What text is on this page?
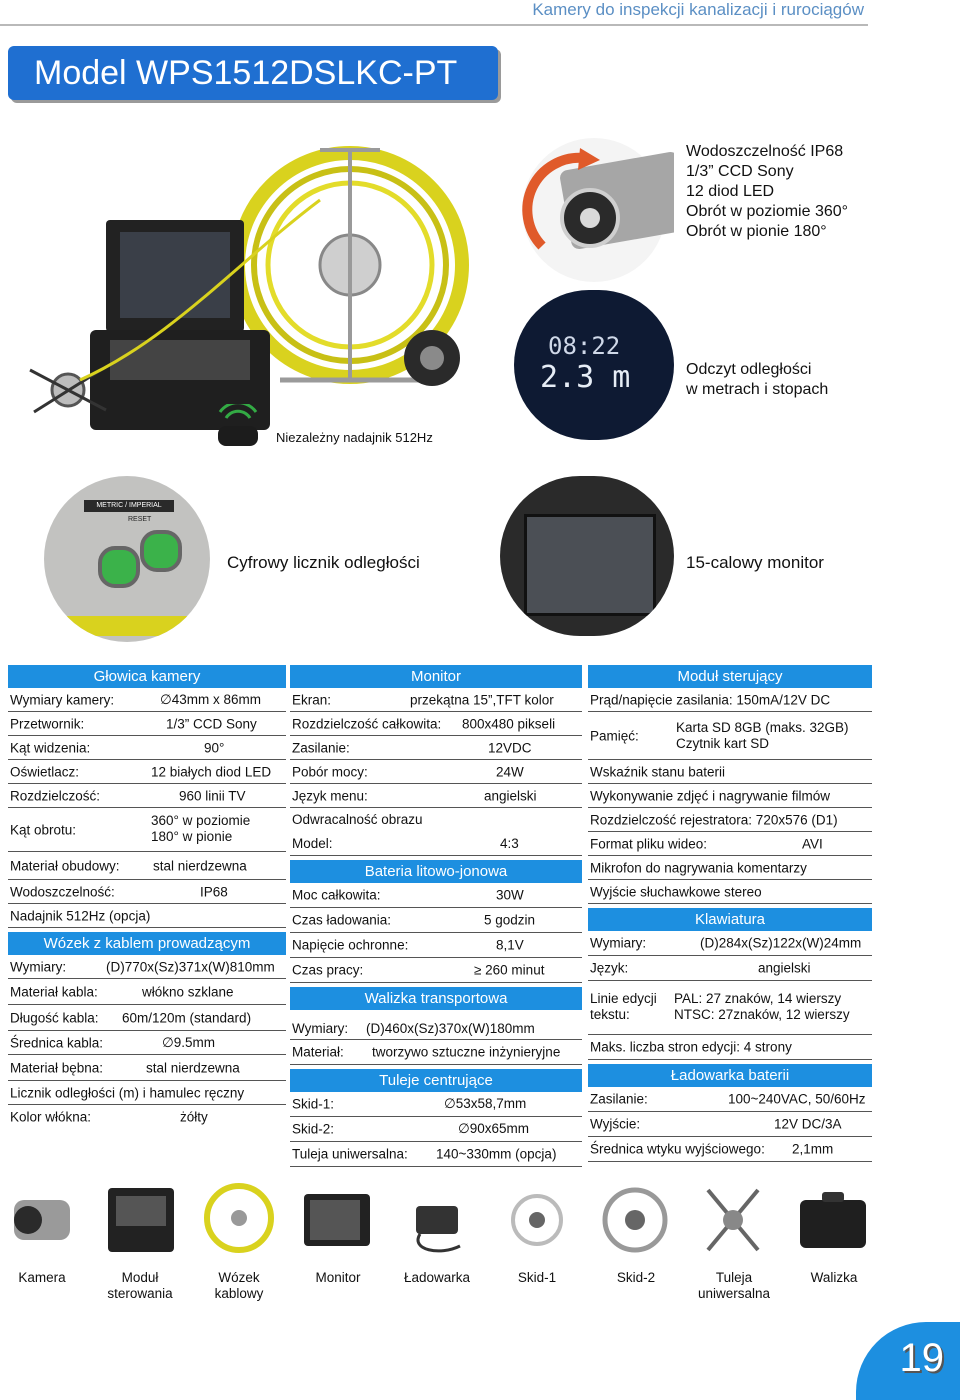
Kamery do inspekcji kanalizacji i rurociągów
Model WPS1512DSLKC-PT
Wodoszczelność IP68
1/3” CCD Sony
12 diod LED
Obrót w poziomie 360°
Obrót w pionie 180°
08:22
2.3 m	Odczyt odległości
w metrach i stopach
Niezależny nadajnik 512Hz
METRIC / IMPERIAL
RESET
Cyfrowy licznik odległości	15-calowy monitor
Głowica kamery
Wymiary kamery:	∅43mm x 86mm
Przetwornik:	1/3” CCD Sony
Kąt widzenia:	90°
Oświetlacz:	12 białych diod LED
Rozdzielczość:	960 linii TV
Kąt obrotu:
360° w poziomie
180° w pionie
Materiał obudowy: stal nierdzewna
Wodoszczelność:	IP68
Nadajnik 512Hz (opcja)
Wózek z kablem prowadzącym
Wymiary:	(D)770x(Sz)371x(W)810mm
Materiał kabla:	włókno szklane
Długość kabla: 60m/120m (standard)
Średnica kabla:	∅9.5mm
Materiał bębna:	stal nierdzewna
Licznik odległości (m) i hamulec ręczny
Kolor włókna:	żółty
Monitor
Ekran:	przekątna 15”,TFT kolor
Rozdzielczość całkowita: 800x480 pikseli
Zasilanie:	12VDC
Pobór mocy:	24W
Język menu:	angielski
Odwracalność obrazu
Model:	4:3
Bateria litowo-jonowa
Moc całkowita:	30W
Czas ładowania:	5 godzin
Napięcie ochronne:	8,1V
Czas pracy:	≥ 260 minut
Walizka transportowa
Wymiary: (D)460x(Sz)370x(W)180mm
Materiał: tworzywo sztuczne inżynieryjne
Tuleje centrujące
Skid-1:	∅53x58,7mm
Skid-2:	∅90x65mm
Tuleja uniwersalna: 140~330mm (opcja)
Moduł sterujący
Prąd/napięcie zasilania: 150mA/12V DC
Pamięć:
Karta SD 8GB (maks. 32GB)
Czytnik kart SD
Wskaźnik stanu baterii
Wykonywanie zdjęć i nagrywanie filmów
Rozdzielczość rejestratora: 720x576 (D1)
Format pliku wideo:	AVI
Mikrofon do nagrywania komentarzy
Wyjście słuchawkowe stereo
Klawiatura
Wymiary:	(D)284x(Sz)122x(W)24mm
Język:	angielski
Linie edycji
tekstu:
PAL: 27 znaków, 14 wierszy
NTSC: 27znaków, 12 wierszy
Maks. liczba stron edycji: 4 strony
Ładowarka baterii
Zasilanie:	100~240VAC, 50/60Hz
Wyjście:	12V DC/3A
Średnica wtyku wyjściowego: 2,1mm
Kamera	Moduł
sterowania
Wózek
kablowy
Monitor	Ładowarka	Skid-1	Skid-2	Tuleja
uniwersalna
Walizka

19
